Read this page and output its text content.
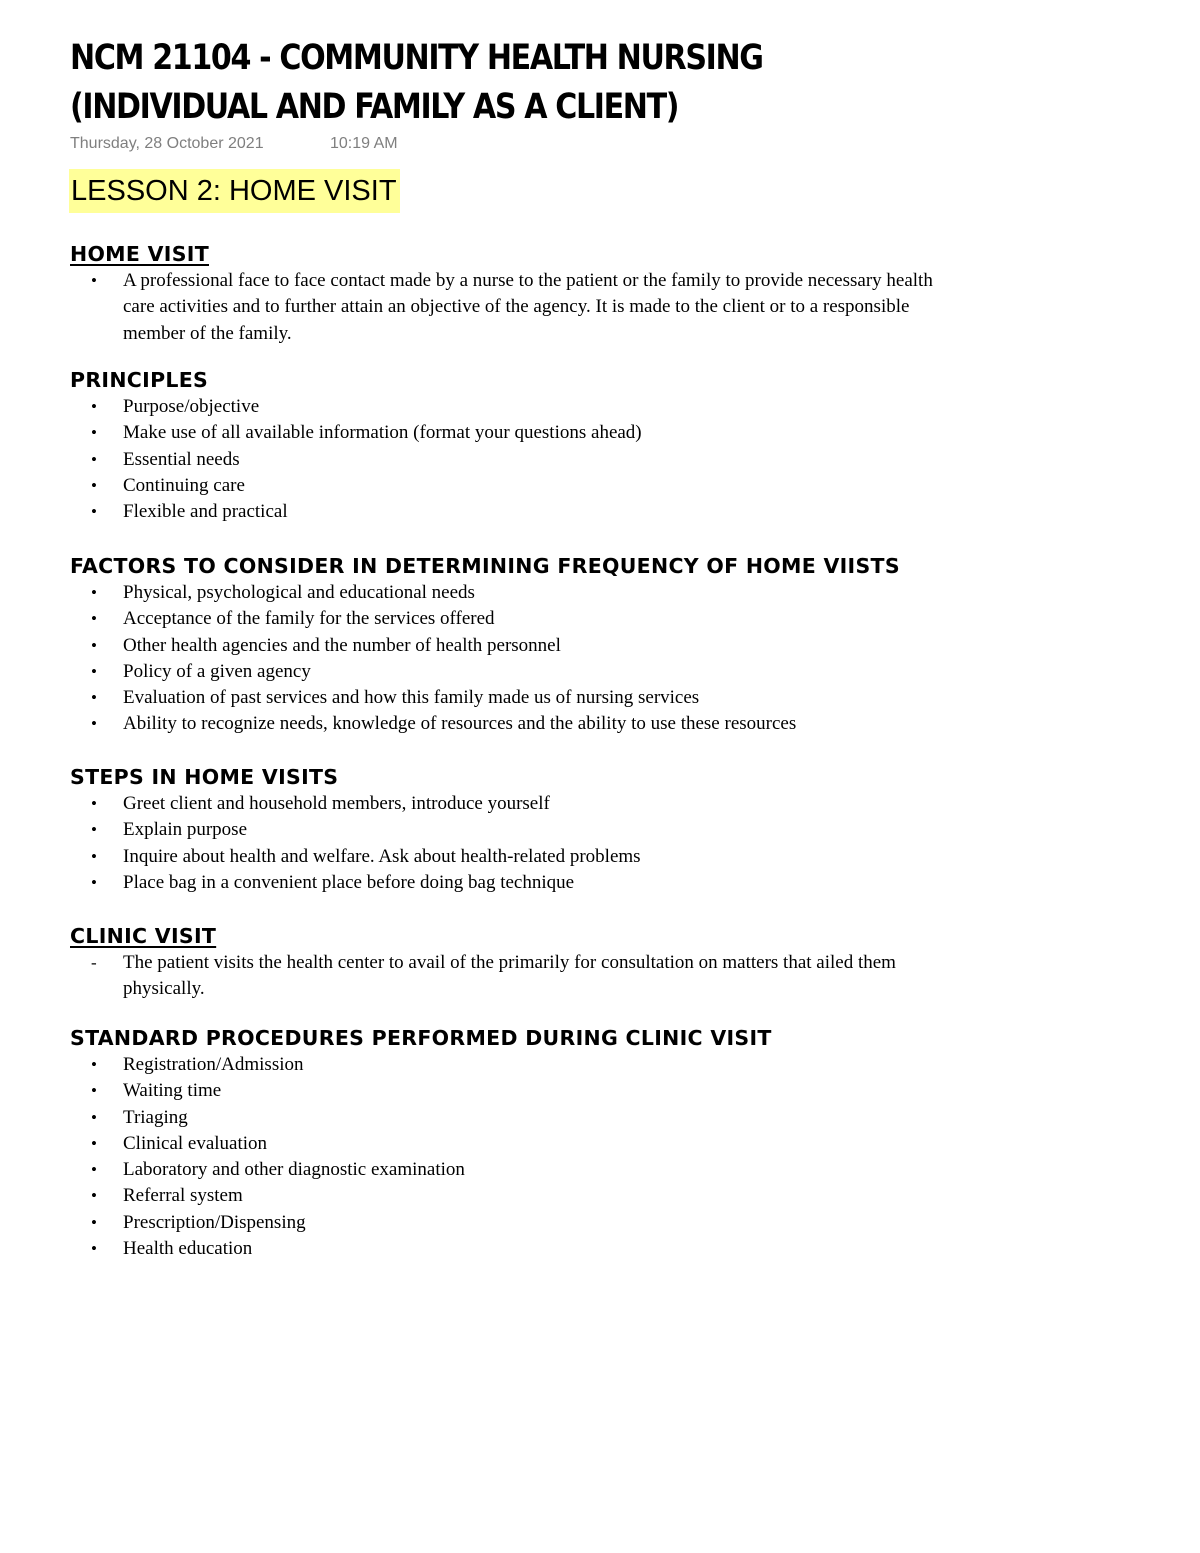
NCM 21104 - COMMUNITY HEALTH NURSING (INDIVIDUAL AND FAMILY AS A CLIENT)
Thursday, 28 October 2021	10:19 AM
LESSON 2: HOME VISIT
HOME VISIT
• A professional face to face contact made by a nurse to the patient or the family to provide necessary health care activities and to further attain an objective of the agency. It is made to the client or to a responsible member of the family.
PRINCIPLES
• Purpose/objective
• Make use of all available information (format your questions ahead)
• Essential needs
• Continuing care
• Flexible and practical
FACTORS TO CONSIDER IN DETERMINING FREQUENCY OF HOME VIISTS
• Physical, psychological and educational needs
• Acceptance of the family for the services offered
• Other health agencies and the number of health personnel
• Policy of a given agency
• Evaluation of past services and how this family made us of nursing services
• Ability to recognize needs, knowledge of resources and the ability to use these resources
STEPS IN HOME VISITS
• Greet client and household members, introduce yourself
• Explain purpose
• Inquire about health and welfare. Ask about health-related problems
• Place bag in a convenient place before doing bag technique
CLINIC VISIT
- The patient visits the health center to avail of the primarily for consultation on matters that ailed them physically.
STANDARD PROCEDURES PERFORMED DURING CLINIC VISIT
• Registration/Admission
• Waiting time
• Triaging
• Clinical evaluation
• Laboratory and other diagnostic examination
• Referral system
• Prescription/Dispensing
• Health education
